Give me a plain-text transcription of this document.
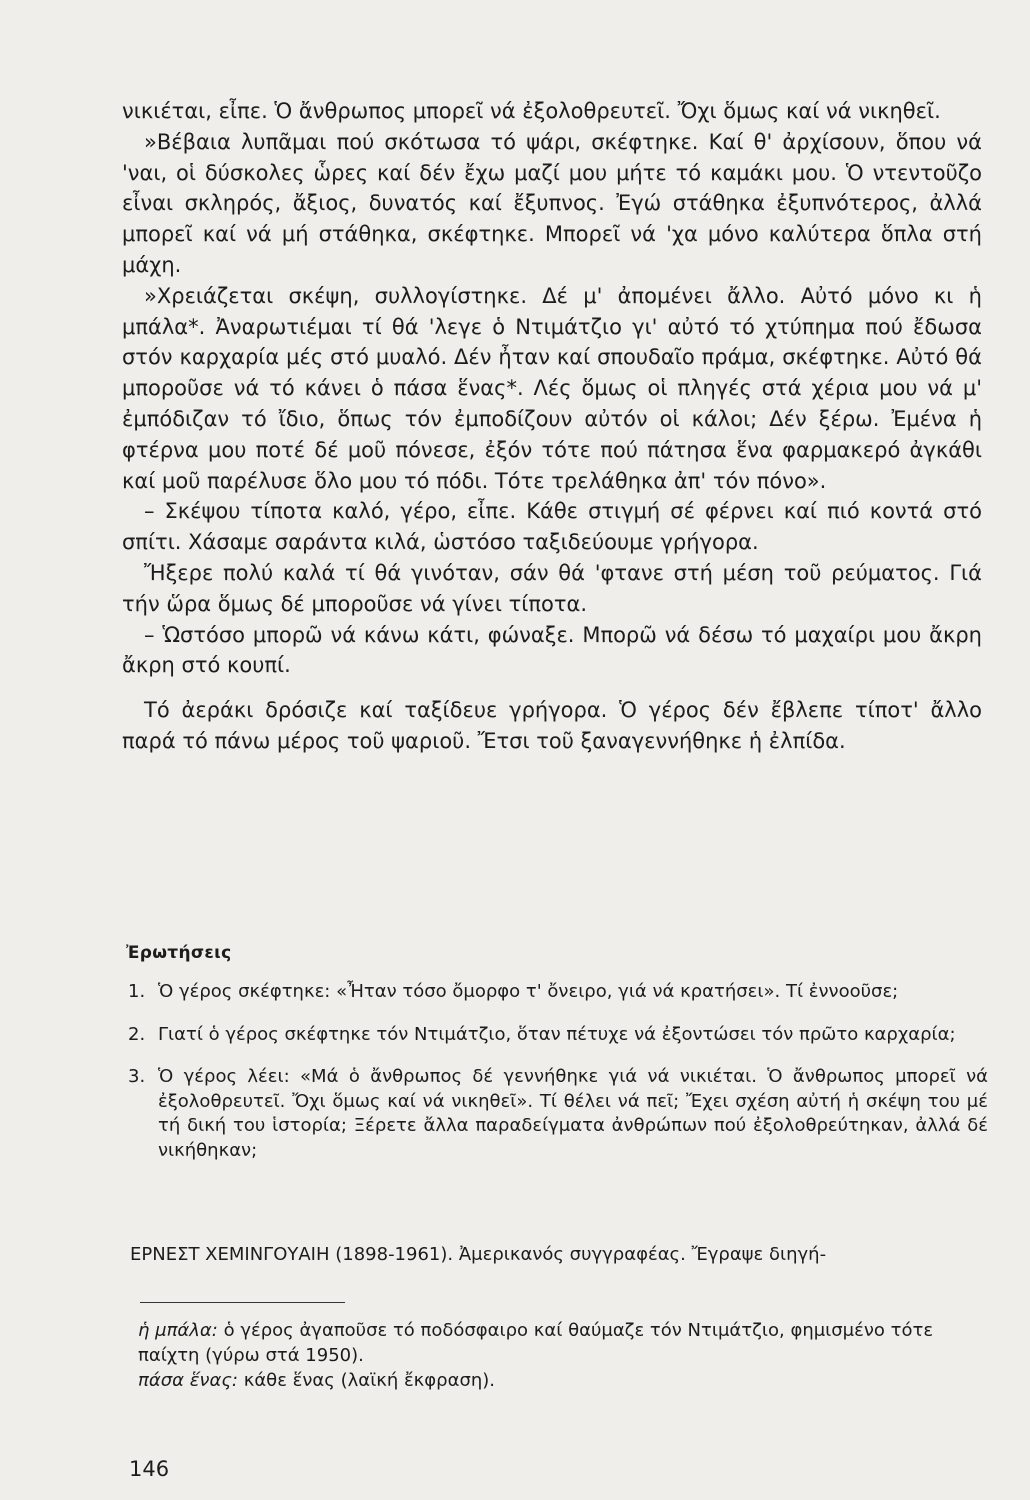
νικιέται, εἶπε. Ὁ ἄνθρωπος μπορεῖ νά ἐξολοθρευτεῖ. Ὄχι ὅμως καί νά νικηθεῖ.

»Βέβαια λυπᾶμαι πού σκότωσα τό ψάρι, σκέφτηκε. Καί θ' ἀρχίσουν, ὅπου νά 'ναι, οἱ δύσκολες ὧρες καί δέν ἔχω μαζί μου μήτε τό καμάκι μου. Ὁ ντεντοῦζο εἶναι σκληρός, ἄξιος, δυνατός καί ἔξυπνος. Ἐγώ στάθηκα ἐξυπνότερος, ἀλλά μπορεῖ καί νά μή στάθηκα, σκέφτηκε. Μπορεῖ νά 'χα μόνο καλύτερα ὅπλα στή μάχη.

»Χρειάζεται σκέψη, συλλογίστηκε. Δέ μ' ἀπομένει ἄλλο. Αὐτό μόνο κι ἡ μπάλα*. Ἀναρωτιέμαι τί θά 'λεγε ὁ Ντιμάτζιο γι' αὐτό τό χτύπημα πού ἔδωσα στόν καρχαρία μές στό μυαλό. Δέν ἦταν καί σπουδαῖο πράμα, σκέφτηκε. Αὐτό θά μποροῦσε νά τό κάνει ὁ πάσα ἕνας*. Λές ὅμως οἱ πληγές στά χέρια μου νά μ' ἐμπόδιζαν τό ἴδιο, ὅπως τόν ἐμποδίζουν αὐτόν οἱ κάλοι; Δέν ξέρω. Ἐμένα ἡ φτέρνα μου ποτέ δέ μοῦ πόνεσε, ἐξόν τότε πού πάτησα ἕνα φαρμακερό ἀγκάθι καί μοῦ παρέλυσε ὅλο μου τό πόδι. Τότε τρελάθηκα ἀπ' τόν πόνο».

– Σκέψου τίποτα καλό, γέρο, εἶπε. Κάθε στιγμή σέ φέρνει καί πιό κοντά στό σπίτι. Χάσαμε σαράντα κιλά, ὡστόσο ταξιδεύουμε γρήγορα.

Ἤξερε πολύ καλά τί θά γινόταν, σάν θά 'φτανε στή μέση τοῦ ρεύματος. Γιά τήν ὥρα ὅμως δέ μποροῦσε νά γίνει τίποτα.

– Ὡστόσο μπορῶ νά κάνω κάτι, φώναξε. Μπορῶ νά δέσω τό μαχαίρι μου ἄκρη ἄκρη στό κουπί.

Τό ἀεράκι δρόσιζε καί ταξίδευε γρήγορα. Ὁ γέρος δέν ἔβλεπε τίποτ' ἄλλο παρά τό πάνω μέρος τοῦ ψαριοῦ. Ἔτσι τοῦ ξαναγεννήθηκε ἡ ἐλπίδα.

Ἐρωτήσεις
1. Ὁ γέρος σκέφτηκε: «Ἦταν τόσο ὄμορφο τ' ὄνειρο, γιά νά κρατήσει». Τί ἐννοοῦσε;
2. Γιατί ὁ γέρος σκέφτηκε τόν Ντιμάτζιο, ὅταν πέτυχε νά ἐξοντώσει τόν πρῶτο καρχαρία;
3. Ὁ γέρος λέει: «Μά ὁ ἄνθρωπος δέ γεννήθηκε γιά νά νικιέται. Ὁ ἄνθρωπος μπορεῖ νά ἐξολοθρευτεῖ. Ὄχι ὅμως καί νά νικηθεῖ». Τί θέλει νά πεῖ; Ἔχει σχέση αὐτή ἡ σκέψη του μέ τή δική του ἱστορία; Ξέρετε ἄλλα παραδείγματα ἀνθρώπων πού ἐξολοθρεύτηκαν, ἀλλά δέ νικήθηκαν;
ΕΡΝΕΣΤ ΧΕΜΙΝΓΟΥΑΙΗ (1898-1961). Ἀμερικανός συγγραφέας. Ἔγραψε διηγή-

ἡ μπάλα: ὁ γέρος ἀγαποῦσε τό ποδόσφαιρο καί θαύμαζε τόν Ντιμάτζιο, φημισμένο τότε παίχτη (γύρω στά 1950).

πάσα ἕνας: κάθε ἕνας (λαϊκή ἔκφραση).

146
